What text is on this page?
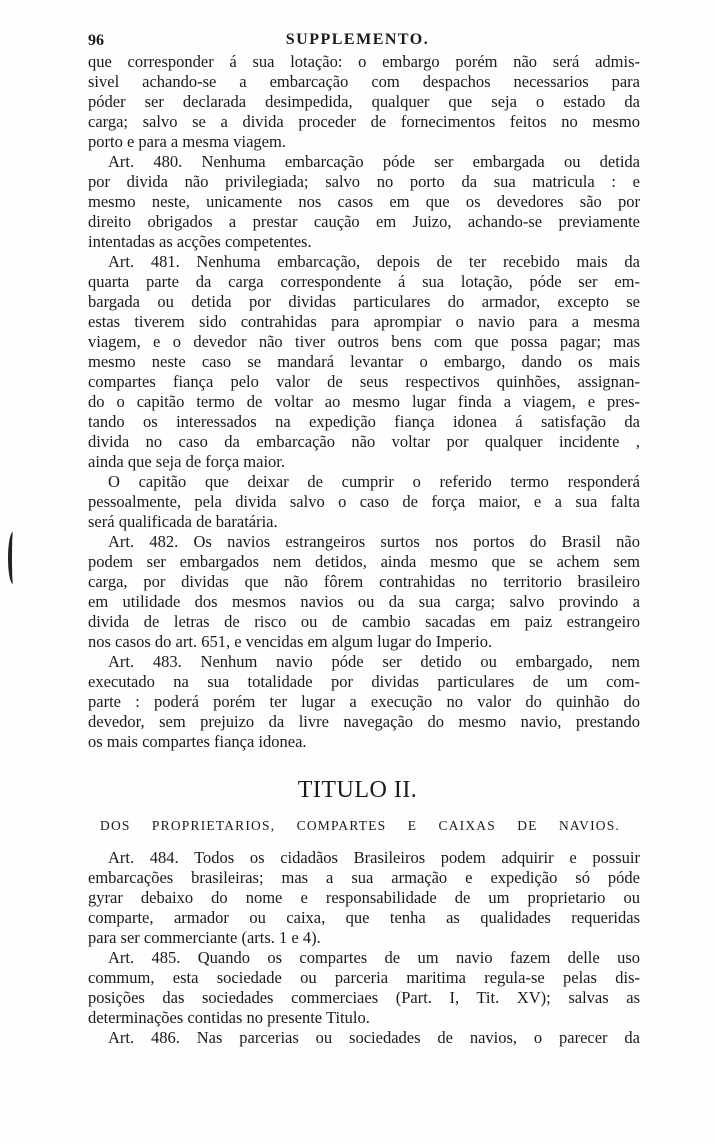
96	SUPPLEMENTO.
que corresponder á sua lotação: o embargo porém não será admis-
sivel achando-se a embarcação com despachos necessarios para
póder ser declarada desimpedida, qualquer que seja o estado da
carga; salvo se a divida proceder de fornecimentos feitos no mesmo
porto e para a mesma viagem.
Art. 480. Nenhuma embarcação póde ser embargada ou detida
por divida não privilegiada; salvo no porto da sua matricula : e
mesmo neste, unicamente nos casos em que os devedores são por
direito obrigados a prestar caução em Juizo, achando-se previamente
intentadas as acções competentes.
Art. 481. Nenhuma embarcação, depois de ter recebido mais da
quarta parte da carga correspondente á sua lotação, póde ser em-
bargada ou detida por dividas particulares do armador, excepto se
estas tiverem sido contrahidas para aprompiar o navio para a mesma
viagem, e o devedor não tiver outros bens com que possa pagar; mas
mesmo neste caso se mandará levantar o embargo, dando os mais
compartes fiança pelo valor de seus respectivos quinhões, assignan-
do o capitão termo de voltar ao mesmo lugar finda a viagem, e pres-
tando os interessados na expedição fiança idonea á satisfação da
divida no caso da embarcação não voltar por qualquer incidente ,
ainda que seja de força maior.
O capitão que deixar de cumprir o referido termo responderá
pessoalmente, pela divida salvo o caso de força maior, e a sua falta
será qualificada de baratária.
Art. 482. Os navios estrangeiros surtos nos portos do Brasil não
podem ser embargados nem detidos, ainda mesmo que se achem sem
carga, por dividas que não fôrem contrahidas no territorio brasileiro
em utilidade dos mesmos navios ou da sua carga; salvo provindo a
divida de letras de risco ou de cambio sacadas em paiz estrangeiro
nos casos do art. 651, e vencidas em algum lugar do Imperio.
Art. 483. Nenhum navio póde ser detido ou embargado, nem
executado na sua totalidade por dividas particulares de um com-
parte : poderá porém ter lugar a execução no valor do quinhão do
devedor, sem prejuizo da livre navegação do mesmo navio, prestando
os mais compartes fiança idonea.
TITULO II.
DOS PROPRIETARIOS, COMPARTES E CAIXAS DE NAVIOS.
Art. 484. Todos os cidadãos Brasileiros podem adquirir e possuir
embarcações brasileiras; mas a sua armação e expedição só póde
gyrar debaixo do nome e responsabilidade de um proprietario ou
comparte, armador ou caixa, que tenha as qualidades requeridas
para ser commerciante (arts. 1 e 4).
Art. 485. Quando os compartes de um navio fazem delle uso
commum, esta sociedade ou parceria maritima regula-se pelas dis-
posições das sociedades commerciaes (Part. I, Tit. XV); salvas as
determinações contidas no presente Titulo.
Art. 486. Nas parcerias ou sociedades de navios, o parecer da
